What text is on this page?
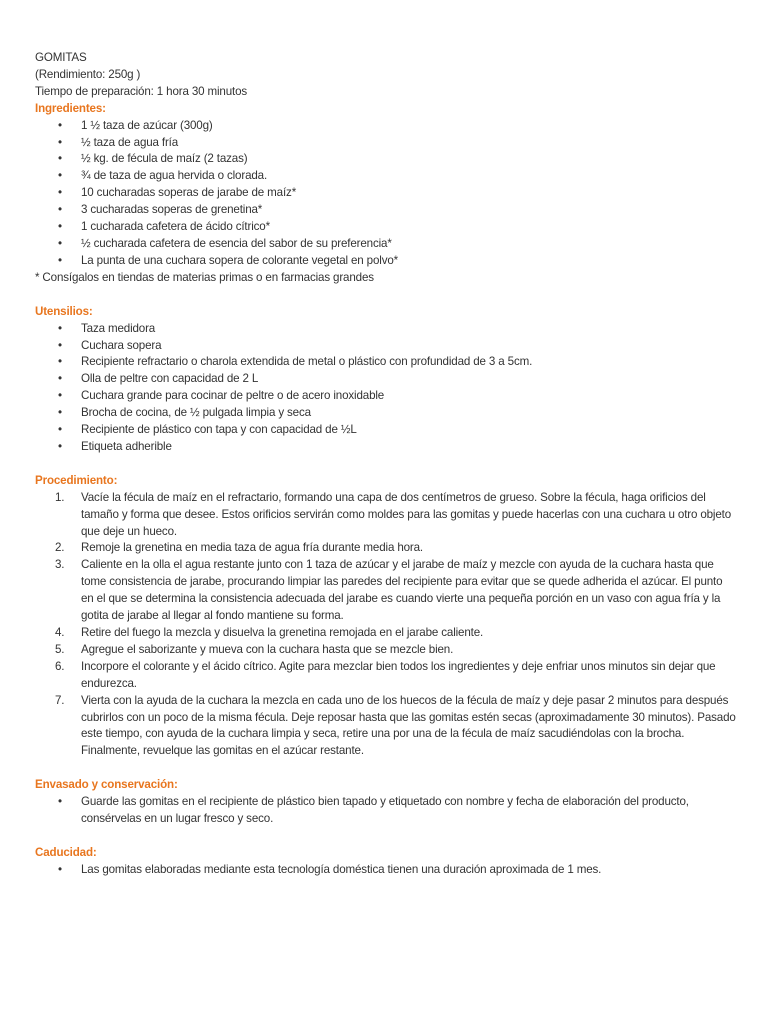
GOMITAS

(Rendimiento: 250g )

Tiempo de preparación: 1 hora 30 minutos

Ingredientes:

• 1 ½ taza de azúcar (300g)
• ½ taza de agua fría
• ½ kg. de fécula de maíz (2 tazas)
• ¾ de taza de agua hervida o clorada.
• 10 cucharadas soperas de jarabe de maíz*
• 3 cucharadas soperas de grenetina*
• 1 cucharada cafetera de ácido cítrico*
• ½ cucharada cafetera de esencia del sabor de su preferencia*
• La punta de una cuchara sopera de colorante vegetal en polvo*

* Consígalos en tiendas de materias primas o en farmacias grandes

Utensilios:

• Taza medidora
• Cuchara sopera
• Recipiente refractario o charola extendida de metal o plástico con profundidad de 3 a 5cm.
• Olla de peltre con capacidad de 2 L
• Cuchara grande para cocinar de peltre o de acero inoxidable
• Brocha de cocina, de ½ pulgada limpia y seca
• Recipiente de plástico con tapa y con capacidad de ½L
• Etiqueta adherible

Procedimiento:

1. Vacíe la fécula de maíz en el refractario, formando una capa de dos centímetros de grueso. Sobre la fécula, haga orificios del
tamaño y forma que desee. Estos orificios servirán como moldes para las gomitas y puede hacerlas con una cuchara u otro objeto
que deje un hueco.
2. Remoje la grenetina en media taza de agua fría durante media hora.
3. Caliente en la olla el agua restante junto con 1 taza de azúcar y el jarabe de maíz y mezcle con ayuda de la cuchara hasta que
tome consistencia de jarabe, procurando limpiar las paredes del recipiente para evitar que se quede adherida el azúcar. El punto
en el que se determina la consistencia adecuada del jarabe es cuando vierte una pequeña porción en un vaso con agua fría y la
gotita de jarabe al llegar al fondo mantiene su forma.
4. Retire del fuego la mezcla y disuelva la grenetina remojada en el jarabe caliente.
5. Agregue el saborizante y mueva con la cuchara hasta que se mezcle bien.
6. Incorpore el colorante y el ácido cítrico. Agite para mezclar bien todos los ingredientes y deje enfriar unos minutos sin dejar que
endurezca.
7. Vierta con la ayuda de la cuchara la mezcla en cada uno de los huecos de la fécula de maíz y deje pasar 2 minutos para después
cubrirlos con un poco de la misma fécula. Deje reposar hasta que las gomitas estén secas (aproximadamente 30 minutos). Pasado
este tiempo, con ayuda de la cuchara limpia y seca, retire una por una de la fécula de maíz sacudiéndolas con la brocha.
Finalmente, revuelque las gomitas en el azúcar restante.

Envasado y conservación:

• Guarde las gomitas en el recipiente de plástico bien tapado y etiquetado con nombre y fecha de elaboración del producto,
consérvelas en un lugar fresco y seco.

Caducidad:

• Las gomitas elaboradas mediante esta tecnología doméstica tienen una duración aproximada de 1 mes.
